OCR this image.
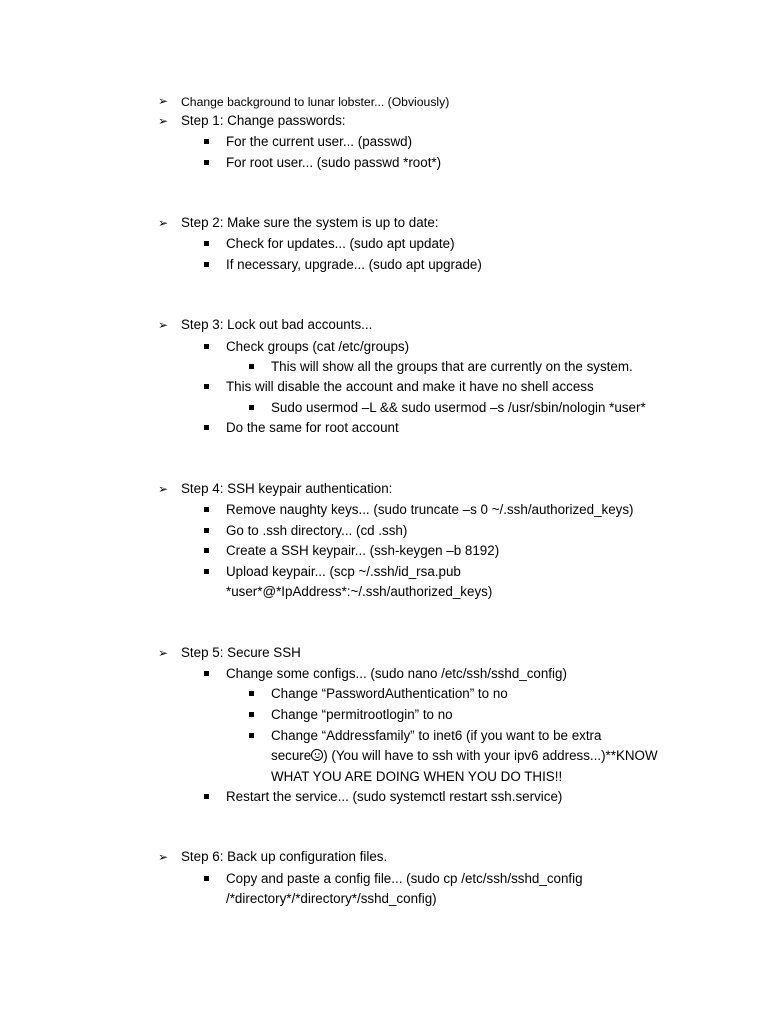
➢ Change background to lunar lobster... (Obviously)
➢ Step 1: Change passwords:
For the current user... (passwd)
For root user... (sudo passwd *root*)
➢ Step 2: Make sure the system is up to date:
Check for updates... (sudo apt update)
If necessary, upgrade... (sudo apt upgrade)
➢ Step 3: Lock out bad accounts...
Check groups (cat /etc/groups)
This will show all the groups that are currently on the system.
This will disable the account and make it have no shell access
Sudo usermod –L && sudo usermod –s /usr/sbin/nologin *user*
Do the same for root account
➢ Step 4: SSH keypair authentication:
Remove naughty keys... (sudo truncate –s 0 ~/.ssh/authorized_keys)
Go to .ssh directory... (cd .ssh)
Create a SSH keypair... (ssh-keygen –b 8192)
Upload keypair... (scp ~/.ssh/id_rsa.pub
*user*@*IpAddress*:~/.ssh/authorized_keys)
➢ Step 5: Secure SSH
Change some configs... (sudo nano /etc/ssh/sshd_config)
Change “PasswordAuthentication” to no
Change “permitrootlogin” to no
Change “Addressfamily” to inet6 (if you want to be extra
secure ) (You will have to ssh with your ipv6 address...)**KNOW
WHAT YOU ARE DOING WHEN YOU DO THIS!!
Restart the service... (sudo systemctl restart ssh.service)
➢ Step 6: Back up configuration files.
Copy and paste a config file... (sudo cp /etc/ssh/sshd_config
/*directory*/*directory*/sshd_config)
